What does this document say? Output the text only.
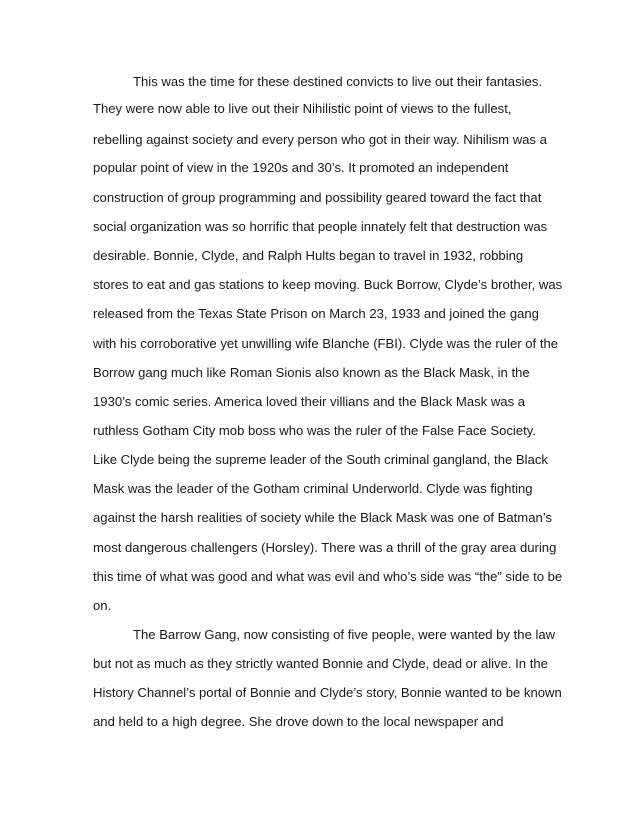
This was the time for these destined convicts to live out their fantasies.
They were now able to live out their Nihilistic point of views to the fullest,
rebelling against society and every person who got in their way. Nihilism was a
popular point of view in the 1920s and 30’s. It promoted an independent
construction of group programming and possibility geared toward the fact that
social organization was so horrific that people innately felt that destruction was
desirable. Bonnie, Clyde, and Ralph Hults began to travel in 1932, robbing
stores to eat and gas stations to keep moving. Buck Borrow, Clyde’s brother, was
released from the Texas State Prison on March 23, 1933 and joined the gang
with his corroborative yet unwilling wife Blanche (FBI). Clyde was the ruler of the
Borrow gang much like Roman Sionis also known as the Black Mask, in the
1930’s comic series. America loved their villians and the Black Mask was a
ruthless Gotham City mob boss who was the ruler of the False Face Society.
Like Clyde being the supreme leader of the South criminal gangland, the Black
Mask was the leader of the Gotham criminal Underworld. Clyde was fighting
against the harsh realities of society while the Black Mask was one of Batman’s
most dangerous challengers (Horsley). There was a thrill of the gray area during
this time of what was good and what was evil and who’s side was “the” side to be
on.
The Barrow Gang, now consisting of five people, were wanted by the law
but not as much as they strictly wanted Bonnie and Clyde, dead or alive. In the
History Channel’s portal of Bonnie and Clyde’s story, Bonnie wanted to be known
and held to a high degree. She drove down to the local newspaper and
